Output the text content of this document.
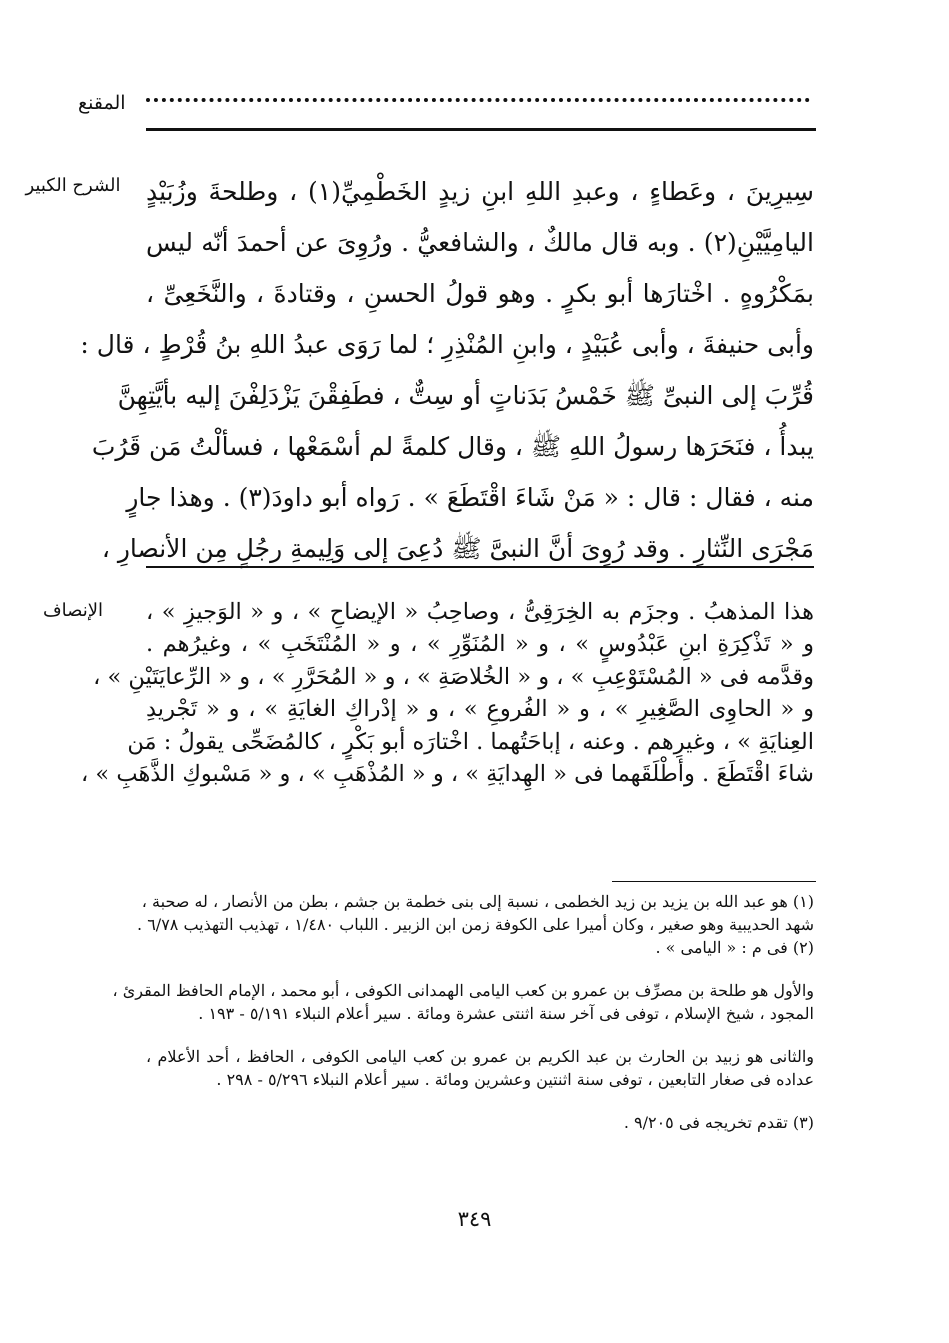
المقنع
الشرح الكبير
الإنصاف
سِيرِينَ ، وعَطاءٍ ، وعبدِ اللهِ ابنِ زيدٍ الخَطْمِيِّ(١) ، وطلحةَ وزُبَيْدٍ
اليامِيَّيْنِ(٢) . وبه قال مالكٌ ، والشافعيُّ . ورُوِىَ عن أحمدَ أنّه ليس
بمَكْرُوهٍ . اخْتارَها أبو بكرٍ . وهو قولُ الحسنِ ، وقتادةَ ، والنَّخَعِىِّ ،
وأبى حنيفةَ ، وأبى عُبَيْدٍ ، وابنِ المُنْذِرِ ؛ لما رَوَى عبدُ اللهِ بنُ قُرْطٍ ، قال :
قُرِّبَ إلى النبىِّ ﷺ خَمْسُ بَدَناتٍ أو سِتٌّ ، فطَفِقْنَ يَزْدَلِفْنَ إليه بأيَّتِهِنَّ
يبدأُ ، فنَحَرَها رسولُ اللهِ ﷺ ، وقال كلمةً لم أسْمَعْها ، فسألْتُ مَن قَرُبَ
منه ، فقال : قال : « مَنْ شَاءَ اقْتَطَعَ » . رَواه أبو داودَ(٣) . وهذا جارٍ
مَجْرَى النِّثارِ . وقد رُوِىَ أنَّ النبىَّ ﷺ دُعِىَ إلى وَلِيمةِ رجُلٍ مِن الأنصارِ ،
هذا المذهبُ . وجزَم به الخِرَقِىُّ ، وصاحِبُ « الإيضاحِ » ، و « الوَجيزِ » ،
و « تَذْكِرَةِ ابنِ عَبْدُوسٍ » ، و « المُنَوِّرِ » ، و « المُنْتَخَبِ » ، وغيرُهم .
وقدَّمه فى « المُسْتَوْعِبِ » ، و « الخُلاصَةِ » ، و « المُحَرَّرِ » ، و « الرِّعايَتَيْنِ » ،
و « الحاوِى الصَّغِيرِ » ، و « الفُروعِ » ، و « إدْراكِ الغايَةِ » ، و « تَجْريدِ
العِنايَةِ » ، وغيرِهم . وعنه ، إباحَتُهما . اخْتارَه أبو بَكْرٍ ، كالمُضَحِّى يقولُ : مَن
شاءَ اقْتَطَعَ . وأطْلَقَهما فى « الهِدايَةِ » ، و « المُذْهَبِ » ، و « مَسْبوكِ الذَّهَبِ » ،
(١) هو عبد الله بن يزيد بن زيد الخطمى ، نسبة إلى بنى خطمة بن جشم ، بطن من الأنصار ، له صحبة ،
شهد الحديبية وهو صغير ، وكان أميرا على الكوفة زمن ابن الزبير . اللباب ١/٤٨٠ ، تهذيب التهذيب ٦/٧٨ .
(٢) فى م : « اليامى » .
والأول هو طلحة بن مصرِّف بن عمرو بن كعب اليامى الهمدانى الكوفى ، أبو محمد ، الإمام الحافظ المقرئ ،
المجود ، شيخ الإسلام ، توفى فى آخر سنة اثنتى عشرة ومائة . سير أعلام النبلاء ٥/١٩١ - ١٩٣ .
والثانى هو زبيد بن الحارث بن عبد الكريم بن عمرو بن كعب اليامى الكوفى ، الحافظ ، أحد الأعلام ،
عداده فى صغار التابعين ، توفى سنة اثنتين وعشرين ومائة . سير أعلام النبلاء ٥/٢٩٦ - ٢٩٨ .
(٣) تقدم تخريجه فى ٩/٢٠٥ .
٣٤٩
